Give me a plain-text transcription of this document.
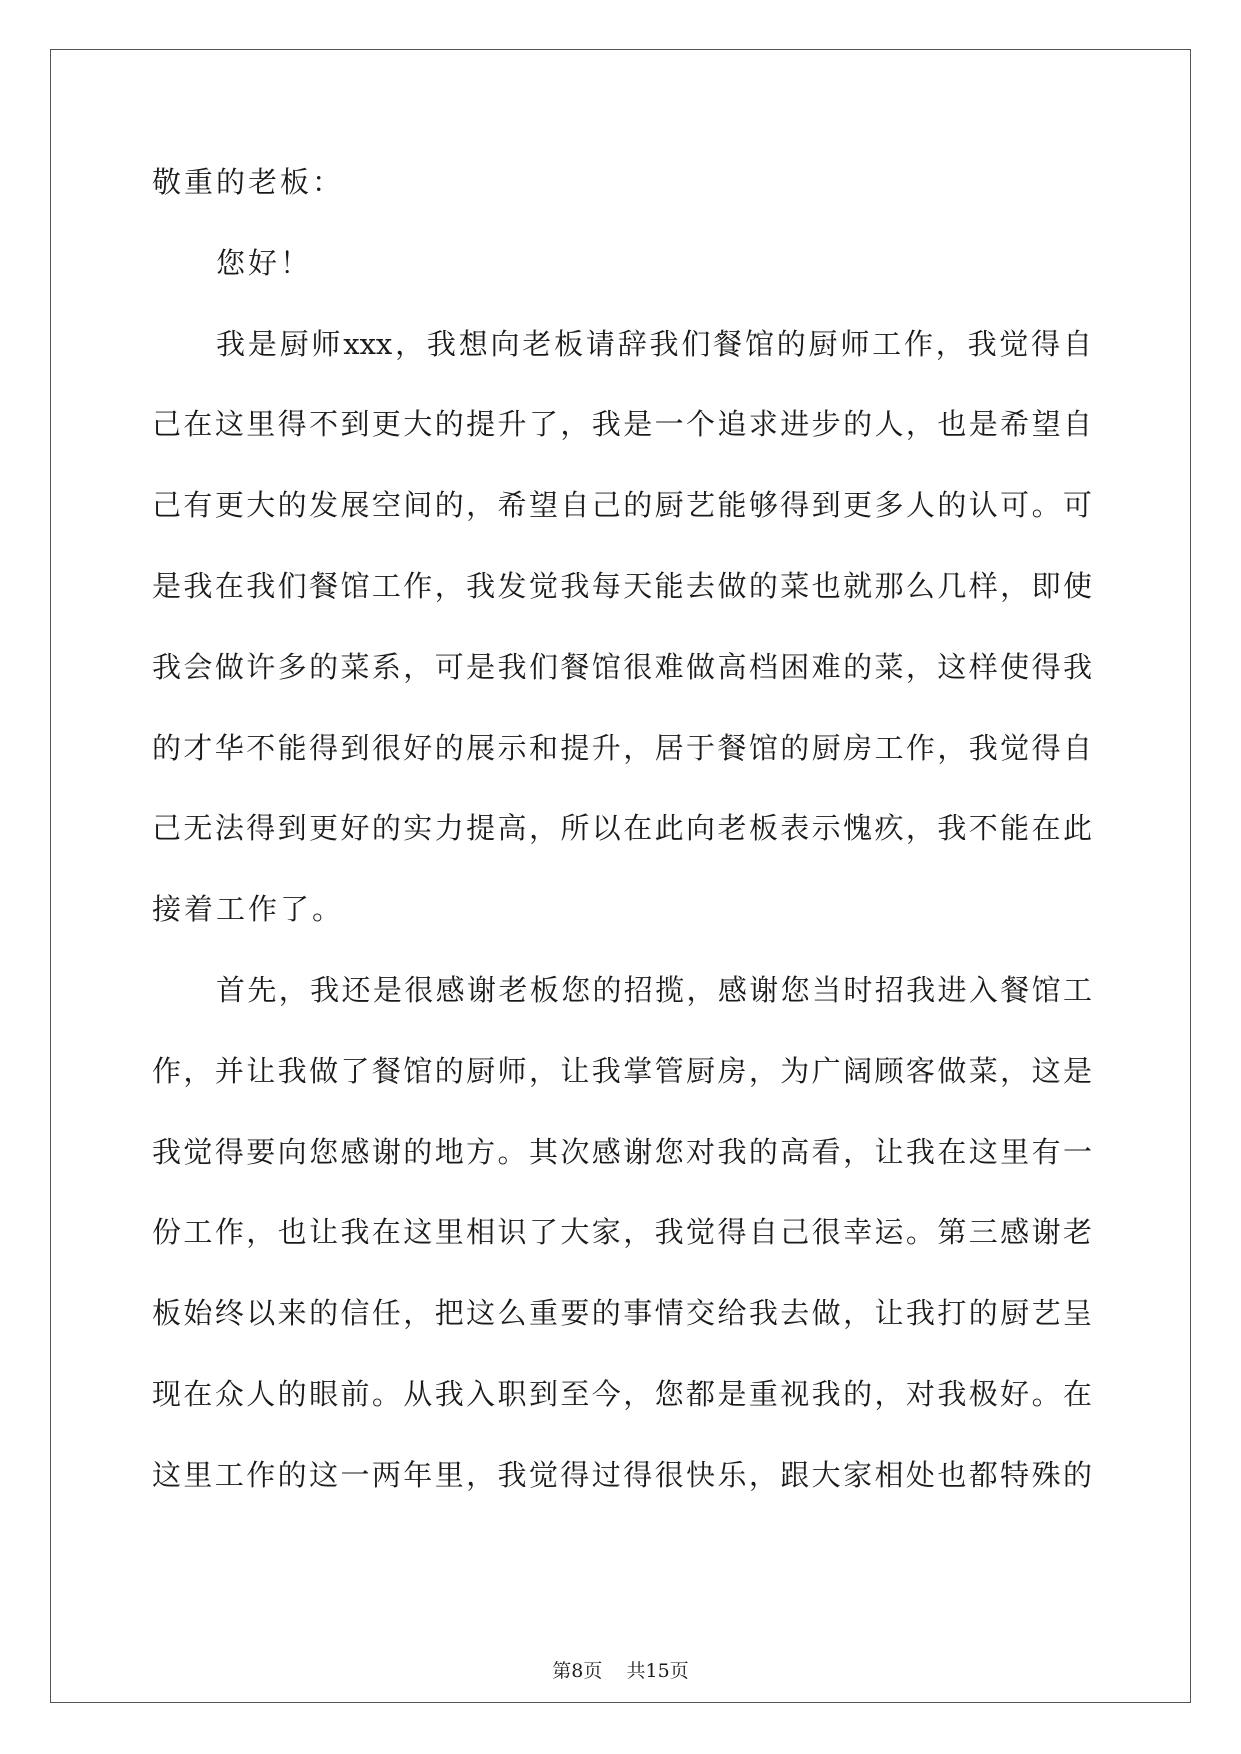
敬重的老板：
您好！
我是厨师xxx，我想向老板请辞我们餐馆的厨师工作，我觉得自
己在这里得不到更大的提升了，我是一个追求进步的人，也是希望自
己有更大的发展空间的，希望自己的厨艺能够得到更多人的认可。可
是我在我们餐馆工作，我发觉我每天能去做的菜也就那么几样，即使
我会做许多的菜系，可是我们餐馆很难做高档困难的菜，这样使得我
的才华不能得到很好的展示和提升，居于餐馆的厨房工作，我觉得自
己无法得到更好的实力提高，所以在此向老板表示愧疚，我不能在此
接着工作了。
首先，我还是很感谢老板您的招揽，感谢您当时招我进入餐馆工
作，并让我做了餐馆的厨师，让我掌管厨房，为广阔顾客做菜，这是
我觉得要向您感谢的地方。其次感谢您对我的高看，让我在这里有一
份工作，也让我在这里相识了大家，我觉得自己很幸运。第三感谢老
板始终以来的信任，把这么重要的事情交给我去做，让我打的厨艺呈
现在众人的眼前。从我入职到至今，您都是重视我的，对我极好。在
这里工作的这一两年里，我觉得过得很快乐，跟大家相处也都特殊的
第8页 共15页
